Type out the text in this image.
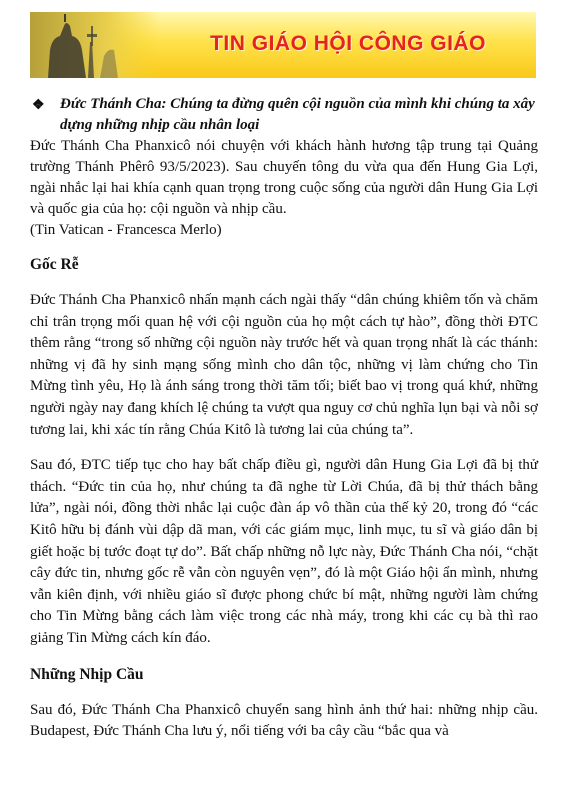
TIN GIÁO HỘI CÔNG GIÁO
❖ Đức Thánh Cha: Chúng ta đừng quên cội nguồn của mình khi chúng ta xây dựng những nhịp cầu nhân loại

Đức Thánh Cha Phanxicô nói chuyện với khách hành hương tập trung tại Quảng trường Thánh Phêrô 93/5/2023). Sau chuyến tông du vừa qua đến Hung Gia Lợi, ngài nhắc lại hai khía cạnh quan trọng trong cuộc sống của người dân Hung Gia Lợi và quốc gia của họ: cội nguồn và nhịp cầu.

(Tin Vatican - Francesca Merlo)

Gốc Rễ

Đức Thánh Cha Phanxicô nhấn mạnh cách ngài thấy “dân chúng khiêm tốn và chăm chỉ trân trọng mối quan hệ với cội nguồn của họ một cách tự hào”, đồng thời ĐTC thêm rằng “trong số những cội nguồn này trước hết và quan trọng nhất là các thánh: những vị đã hy sinh mạng sống mình cho dân tộc, những vị làm chứng cho Tin Mừng tình yêu, Họ là ánh sáng trong thời tăm tối; biết bao vị trong quá khứ, những người ngày nay đang khích lệ chúng ta vượt qua nguy cơ chủ nghĩa lụn bại và nỗi sợ tương lai, khi xác tín rằng Chúa Kitô là tương lai của chúng ta”.

Sau đó, ĐTC tiếp tục cho hay bất chấp điều gì, người dân Hung Gia Lợi đã bị thử thách. “Đức tin của họ, như chúng ta đã nghe từ Lời Chúa, đã bị thử thách bằng lửa”, ngài nói, đồng thời nhắc lại cuộc đàn áp vô thần của thế kỷ 20, trong đó “các Kitô hữu bị đánh vùi dập dã man, với các giám mục, linh mục, tu sĩ và giáo dân bị giết hoặc bị tước đoạt tự do”. Bất chấp những nỗ lực này, Đức Thánh Cha nói, “chặt cây đức tin, nhưng gốc rễ vẫn còn nguyên vẹn”, đó là một Giáo hội ẩn mình, nhưng vẫn kiên định, với nhiều giáo sĩ được phong chức bí mật, những người làm chứng cho Tin Mừng bằng cách làm việc trong các nhà máy, trong khi các cụ bà thì rao giảng Tin Mừng cách kín đáo.

Những Nhịp Cầu

Sau đó, Đức Thánh Cha Phanxicô chuyển sang hình ảnh thứ hai: những nhịp cầu. Budapest, Đức Thánh Cha lưu ý, nổi tiếng với ba cây cầu “bắc qua và
